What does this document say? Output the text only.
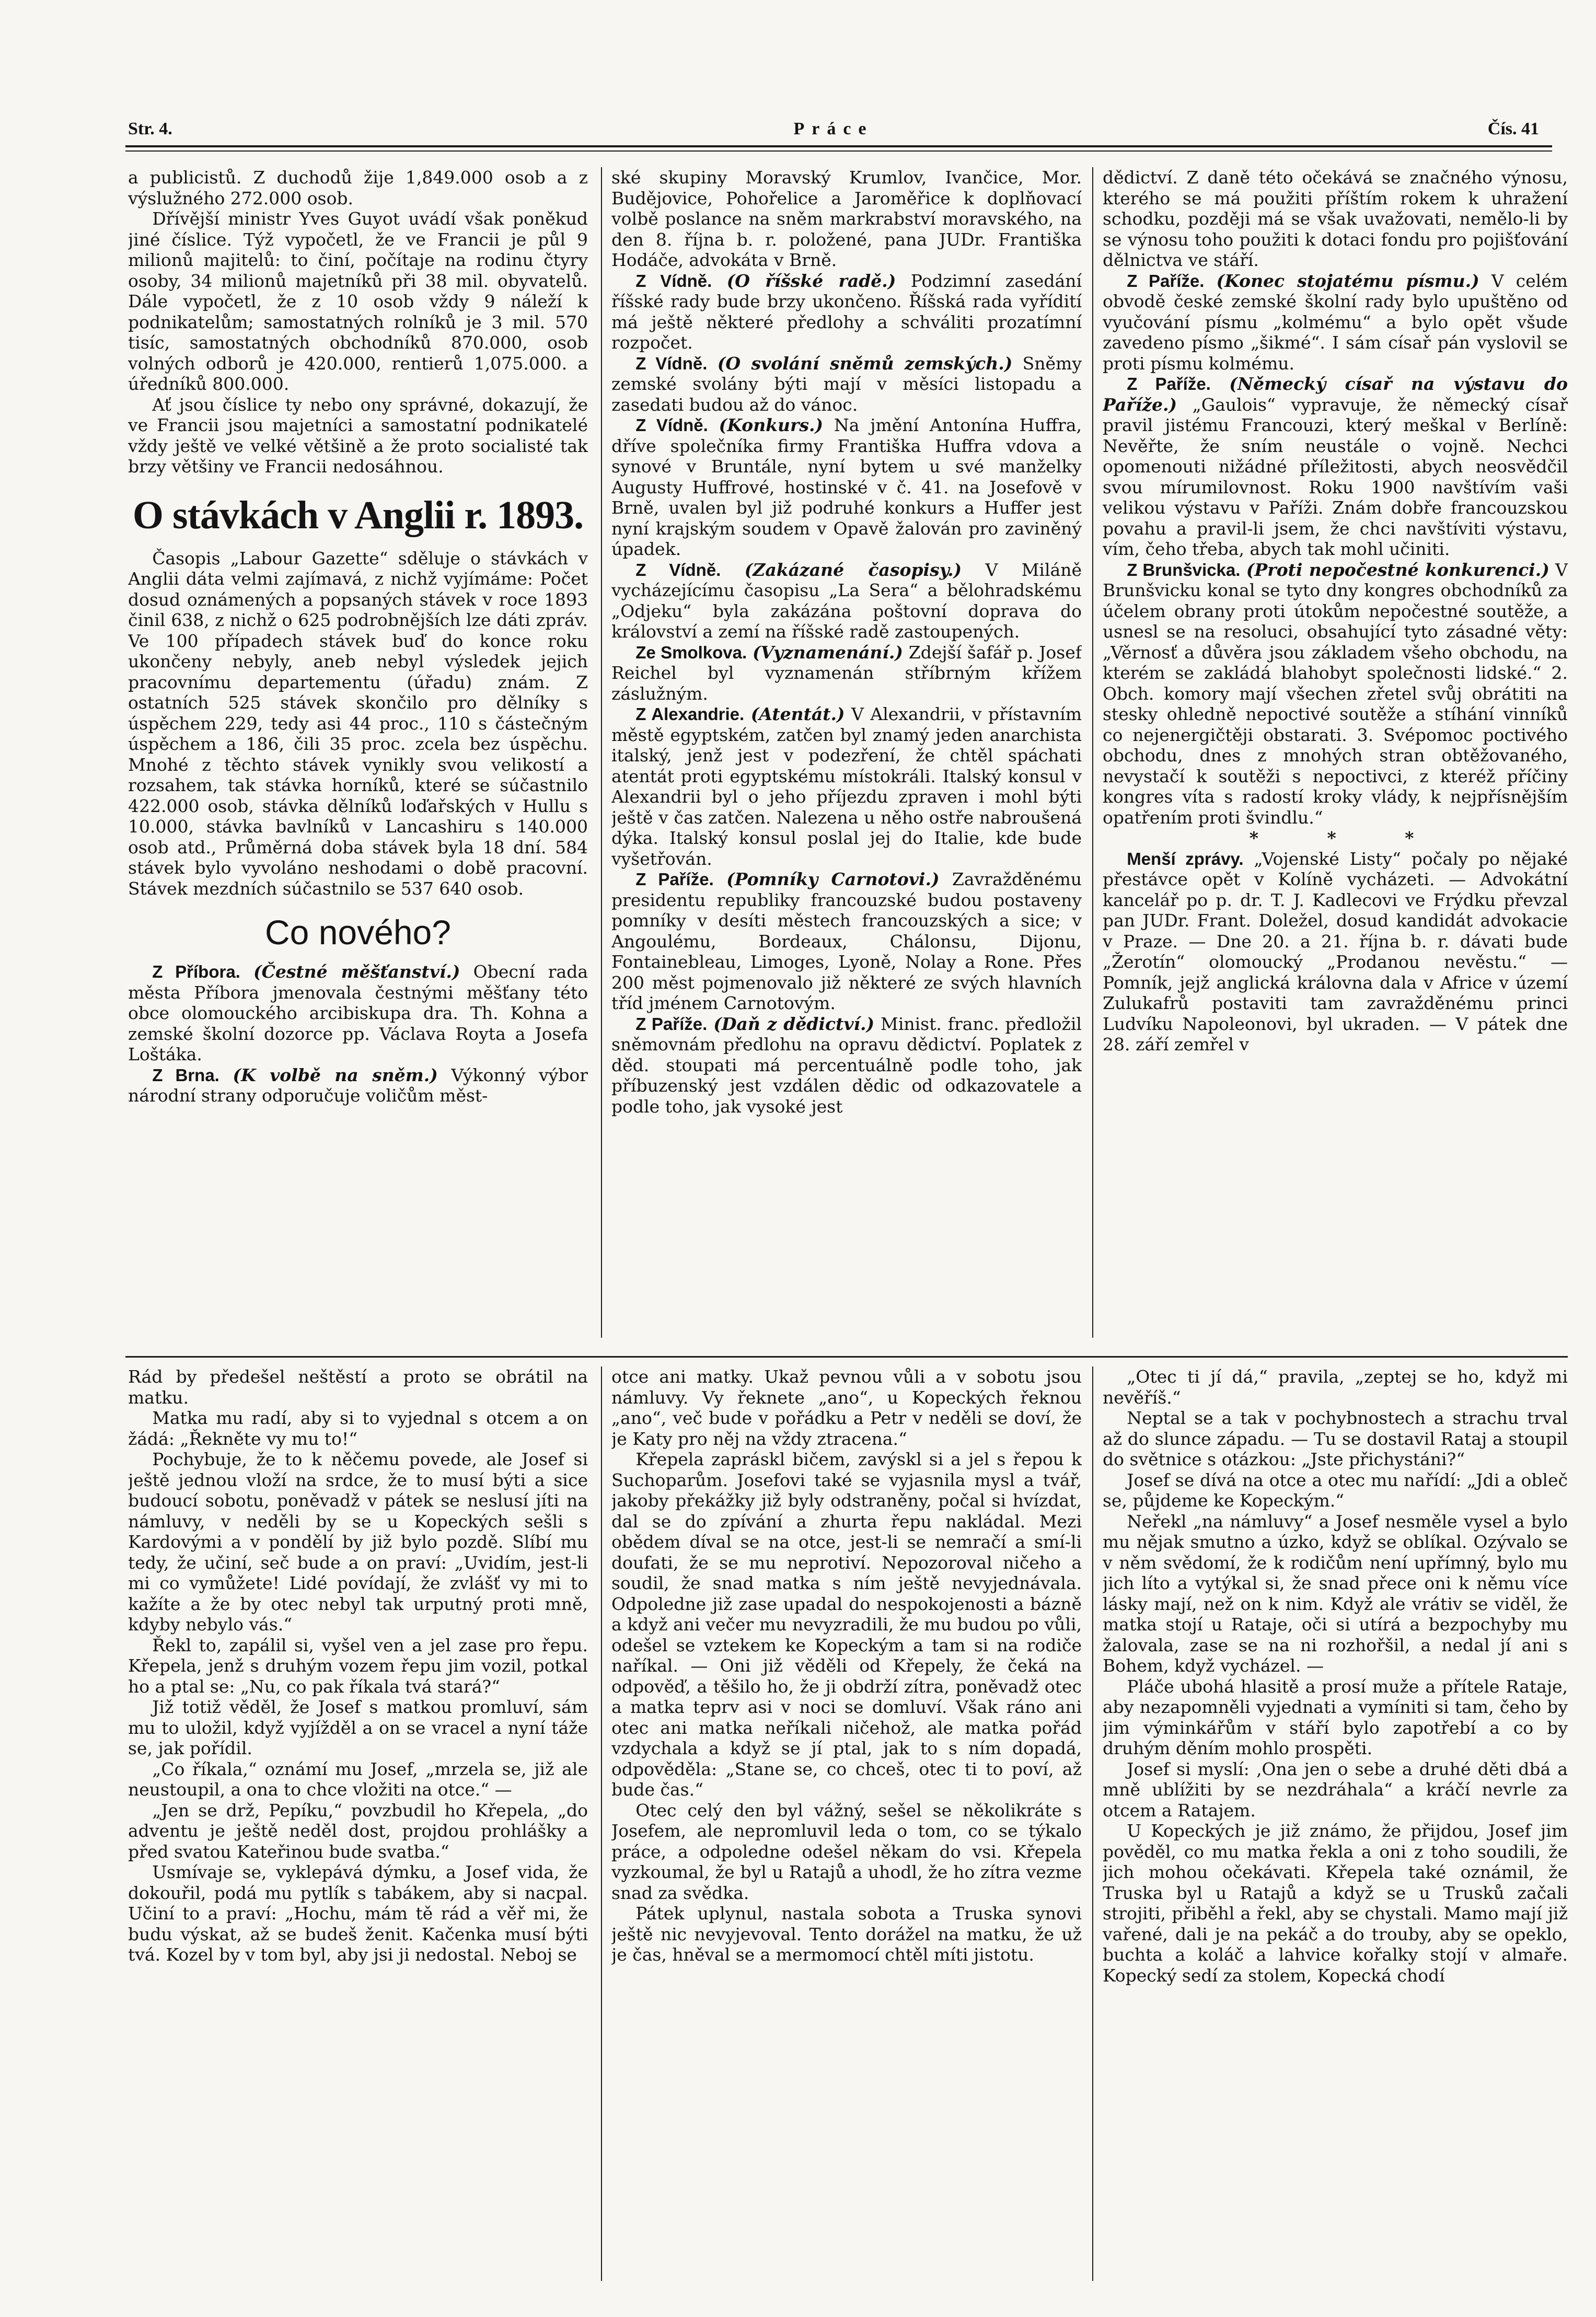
Str. 4.	Práce	Čís. 41

a publicistů. Z duchodů žije 1,849.000 osob a z výslužného 272.000 osob.

Dřívější ministr Yves Guyot uvádí však poněkud jiné číslice. Týž vypočetl, že ve Francii je půl 9 milionů majitelů: to činí, počítaje na rodinu čtyry osoby, 34 milionů majetníků při 38 mil. obyvatelů. Dále vypočetl, že z 10 osob vždy 9 náleží k podnikatelům; samostatných rolníků je 3 mil. 570 tisíc, samostatných obchodníků 870.000, osob volných odborů je 420.000, rentierů 1,075.000. a úředníků 800.000.

Ať jsou číslice ty nebo ony správné, dokazují, že ve Francii jsou majetníci a samostatní podnikatelé vždy ještě ve velké většině a že proto socialisté tak brzy většiny ve Francii nedosáhnou.

O stávkách v Anglii r. 1893.

Časopis „Labour Gazette“ sděluje o stávkách v Anglii dáta velmi zajímavá, z nichž vyjímáme: Počet dosud oznámených a popsaných stávek v roce 1893 činil 638, z nichž o 625 podrobnějších lze dáti zpráv. Ve 100 případech stávek buď do konce roku ukončeny nebyly, aneb nebyl výsledek jejich pracovnímu departementu (úřadu) znám. Z ostatních 525 stávek skončilo pro dělníky s úspěchem 229, tedy asi 44 proc., 110 s částečným úspěchem a 186, čili 35 proc. zcela bez úspěchu. Mnohé z těchto stávek vynikly svou velikostí a rozsahem, tak stávka horníků, které se súčastnilo 422.000 osob, stávka dělníků loďařských v Hullu s 10.000, stávka bavlníků v Lancashiru s 140.000 osob atd., Průměrná doba stávek byla 18 dní. 584 stávek bylo vyvoláno neshodami o době pracovní. Stávek mezdních súčastnilo se 537 640 osob.

Co nového?

Z Příbora. (Čestné měšťanství.) Obecní rada města Příbora jmenovala čestnými měšťany této obce olomouckého arcibiskupa dra. Th. Kohna a zemské školní dozorce pp. Václava Royta a Josefa Loštáka.

Z Brna. (K volbě na sněm.) Výkonný výbor národní strany odporučuje voličům měst-

ské skupiny Moravský Krumlov, Ivančice, Mor. Budějovice, Pohořelice a Jaroměřice k doplňovací volbě poslance na sněm markrabství moravského, na den 8. října b. r. položené, pana JUDr. Františka Hodáče, advokáta v Brně.

Z Vídně. (O říšské radě.) Podzimní zasedání říšské rady bude brzy ukončeno. Říšská rada vyřídití má ještě některé předlohy a schváliti prozatímní rozpočet.

Z Vídně. (O svolání sněmů zemských.) Sněmy zemské svolány býti mají v měsíci listopadu a zasedati budou až do vánoc.

Z Vídně. (Konkurs.) Na jmění Antonína Huffra, dříve společníka firmy Františka Huffra vdova a synové v Bruntále, nyní bytem u své manželky Augusty Huffrové, hostinské v č. 41. na Josefově v Brně, uvalen byl již podruhé konkurs a Huffer jest nyní krajským soudem v Opavě žalován pro zaviněný úpadek.

Z Vídně. (Zakázané časopisy.) V Miláně vycházejícímu časopisu „La Sera“ a bělohradskému „Odjeku“ byla zakázána poštovní doprava do království a zemí na říšské radě zastoupených.

Ze Smolkova. (Vyznamenání.) Zdejší šafář p. Josef Reichel byl vyznamenán stříbrným křížem záslužným.

Z Alexandrie. (Atentát.) V Alexandrii, v přístavním městě egyptském, zatčen byl znamý jeden anarchista italský, jenž jest v podezření, že chtěl spáchati atentát proti egyptskému místokráli. Italský konsul v Alexandrii byl o jeho příjezdu zpraven i mohl býti ještě v čas zatčen. Nalezena u něho ostře nabroušená dýka. Italský konsul poslal jej do Italie, kde bude vyšetřován.

Z Paříže. (Pomníky Carnotovi.) Zavražděnému presidentu republiky francouzské budou postaveny pomníky v desíti městech francouzských a sice; v Angoulému, Bordeaux, Chálonsu, Dijonu, Fontainebleau, Limoges, Lyoně, Nolay a Rone. Přes 200 měst pojmenovalo již některé ze svých hlavních tříd jménem Carnotovým.

Z Paříže. (Daň z dědictví.) Minist. franc. předložil sněmovnám předlohu na opravu dědictví. Poplatek z děd. stoupati má percentuálně podle toho, jak příbuzenský jest vzdálen dědic od odkazovatele a podle toho, jak vysoké jest

dědictví. Z daně této očekává se značného výnosu, kterého se má použiti příštím rokem k uhražení schodku, později má se však uvažovati, nemělo-li by se výnosu toho použiti k dotaci fondu pro pojišťování dělnictva ve stáří.

Z Paříže. (Konec stojatému písmu.) V celém obvodě české zemské školní rady bylo upuštěno od vyučování písmu „kolmému“ a bylo opět všude zavedeno písmo „šikmé“. I sám císař pán vyslovil se proti písmu kolmému.

Z Paříže. (Německý císař na výstavu do Paříže.) „Gaulois“ vypravuje, že německý císař pravil jistému Francouzi, který meškal v Berlíně: Nevěřte, že sním neustále o vojně. Nechci opomenouti nižádné příležitosti, abych neosvědčil svou mírumilovnost. Roku 1900 navštívím vaši velikou výstavu v Paříži. Znám dobře francouzskou povahu a pravil-li jsem, že chci navštíviti výstavu, vím, čeho třeba, abych tak mohl učiniti.

Z Brunšvicka. (Proti nepočestné konkurenci.) V Brunšvicku konal se tyto dny kongres obchodníků za účelem obrany proti útokům nepočestné soutěže, a usnesl se na resoluci, obsahující tyto zásadné věty: „Věrnosť a důvěra jsou základem všeho obchodu, na kterém se zakládá blahobyt společnosti lidské.“ 2. Obch. komory mají všechen zřetel svůj obrátiti na stesky ohledně nepoctivé soutěže a stíhání vinníků co nejenergičtěji obstarati. 3. Svépomoc poctivého obchodu, dnes z mnohých stran obtěžovaného, nevystačí k soutěži s nepoctivci, z kteréž příčiny kongres víta s radostí kroky vlády, k nejpřísnějším opatřením proti švindlu.“

* * *

Menší zprávy. „Vojenské Listy“ počaly po nějaké přestávce opět v Kolíně vycházeti. — Advokátní kancelář po p. dr. T. J. Kadlecovi ve Frýdku převzal pan JUDr. Frant. Doležel, dosud kandidát advokacie v Praze. — Dne 20. a 21. října b. r. dávati bude „Žerotín“ olomoucký „Prodanou nevěstu.“ — Pomník, jejž anglická královna dala v Africe v území Zulukafrů postaviti tam zavražděnému princi Ludvíku Napoleonovi, byl ukraden. — V pátek dne 28. září zemřel v

Rád by předešel neštěstí a proto se obrátil na matku.

Matka mu radí, aby si to vyjednal s otcem a on žádá: „Řekněte vy mu to!“

Pochybuje, že to k něčemu povede, ale Josef si ještě jednou vloží na srdce, že to musí býti a sice budoucí sobotu, poněvadž v pátek se neslusí jíti na námluvy, v neděli by se u Kopeckých sešli s Kardovými a v pondělí by již bylo pozdě. Slíbí mu tedy, že učiní, seč bude a on praví: „Uvidím, jest-li mi co vymůžete! Lidé povídají, že zvlášť vy mi to kažíte a že by otec nebyl tak urputný proti mně, kdyby nebylo vás.“

Řekl to, zapálil si, vyšel ven a jel zase pro řepu. Křepela, jenž s druhým vozem řepu jim vozil, potkal ho a ptal se: „Nu, co pak říkala tvá stará?“

Již totiž věděl, že Josef s matkou promluví, sám mu to uložil, když vyjížděl a on se vracel a nyní táže se, jak pořídil.

„Co říkala,“ oznámí mu Josef, „mrzela se, již ale neustoupil, a ona to chce vložiti na otce.“ —

„Jen se drž, Pepíku,“ povzbudil ho Křepela, „do adventu je ještě neděl dost, projdou prohlášky a před svatou Kateřinou bude svatba.“

Usmívaje se, vyklepává dýmku, a Josef vida, že dokouřil, podá mu pytlík s tabákem, aby si nacpal. Učiní to a praví: „Hochu, mám tě rád a věř mi, že budu výskat, až se budeš ženit. Kačenka musí býti tvá. Kozel by v tom byl, aby jsi ji nedostal. Neboj se

otce ani matky. Ukaž pevnou vůli a v sobotu jsou námluvy. Vy řeknete „ano“, u Kopeckých řeknou „ano“, več bude v pořádku a Petr v neděli se doví, že je Katy pro něj na vždy ztracena.“

Křepela zapráskl bičem, zavýskl si a jel s řepou k Suchoparům. Josefovi také se vyjasnila mysl a tvář, jakoby překážky již byly odstraněny, počal si hvízdat, dal se do zpívání a zhurta řepu nakládal. Mezi obědem díval se na otce, jest-li se nemračí a smí-li doufati, že se mu neprotiví. Nepozoroval ničeho a soudil, že snad matka s ním ještě nevyjednávala. Odpoledne již zase upadal do nespokojenosti a bázně a když ani večer mu nevyzradili, že mu budou po vůli, odešel se vztekem ke Kopeckým a tam si na rodiče naříkal. — Oni již věděli od Křepely, že čeká na odpověď, a těšilo ho, že ji obdrží zítra, poněvadž otec a matka teprv asi v noci se domluví. Však ráno ani otec ani matka neříkali ničehož, ale matka pořád vzdychala a když se jí ptal, jak to s ním dopadá, odpověděla: „Stane se, co chceš, otec ti to poví, až bude čas.“

Otec celý den byl vážný, sešel se několikráte s Josefem, ale nepromluvil leda o tom, co se týkalo práce, a odpoledne odešel někam do vsi. Křepela vyzkoumal, že byl u Ratajů a uhodl, že ho zítra vezme snad za svědka.

Pátek uplynul, nastala sobota a Truska synovi ještě nic nevyjevoval. Tento dorážel na matku, že už je čas, hněval se a mermomocí chtěl míti jistotu.

„Otec ti jí dá,“ pravila, „zeptej se ho, když mi nevěříš.“

Neptal se a tak v pochybnostech a strachu trval až do slunce západu. — Tu se dostavil Rataj a stoupil do světnice s otázkou: „Jste přichystáni?“

Josef se dívá na otce a otec mu nařídí: „Jdi a obleč se, půjdeme ke Kopeckým.“

Neřekl „na námluvy“ a Josef nesměle vysel a bylo mu nějak smutno a úzko, když se oblíkal. Ozývalo se v něm svědomí, že k rodičům není upřímný, bylo mu jich líto a vytýkal si, že snad přece oni k němu více lásky mají, než on k nim. Když ale vrátiv se viděl, že matka stojí u Rataje, oči si utírá a bezpochyby mu žalovala, zase se na ni rozhořšil, a nedal jí ani s Bohem, když vycházel. —

Pláče ubohá hlasitě a prosí muže a přítele Rataje, aby nezapomněli vyjednati a vymíniti si tam, čeho by jim výminkářům v stáří bylo zapotřebí a co by druhým děním mohlo prospěti.

Josef si myslí: ‚Ona jen o sebe a druhé děti dbá a mně ublížiti by se nezdráhala“ a kráčí nevrle za otcem a Ratajem.

U Kopeckých je již známo, že přijdou, Josef jim pověděl, co mu matka řekla a oni z toho soudili, že jich mohou očekávati. Křepela také oznámil, že Truska byl u Ratajů a když se u Trusků začali strojiti, přiběhl a řekl, aby se chystali. Mamo mají již vařené, dali je na pekáč a do trouby, aby se opeklo, buchta a koláč a lahvice kořalky stojí v almaře. Kopecký sedí za stolem, Kopecká chodí
